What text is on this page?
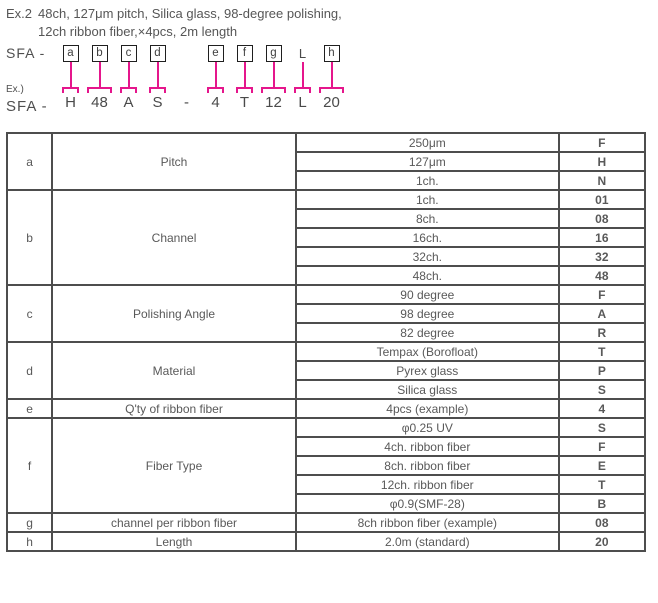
Ex.2 48ch, 127μm pitch, Silica glass, 98-degree polishing,
12ch ribbon fiber,×4pcs, 2m length
SFA -
Ex.)
SFA -
a
H
b
48
c
A
d
S -
e
4
f
T
g
12
L
L
h
20
a	Pitch	250μm	F
		127μm	H
		1ch.	N
b	Channel	1ch.	01
		8ch.	08
		16ch.	16
		32ch.	32
		48ch.	48
c	Polishing Angle	90 degree	F
		98 degree	A
		82 degree	R
d	Material	Tempax (Borofloat)	T
		Pyrex glass	P
		Silica glass	S
e	Q'ty of ribbon fiber	4pcs (example)	4
f	Fiber Type	φ0.25 UV	S
		4ch. ribbon fiber	F
		8ch. ribbon fiber	E
		12ch. ribbon fiber	T
		φ0.9(SMF-28)	B
g	channel per ribbon fiber	8ch ribbon fiber (example)	08
h	Length	2.0m (standard)	20
